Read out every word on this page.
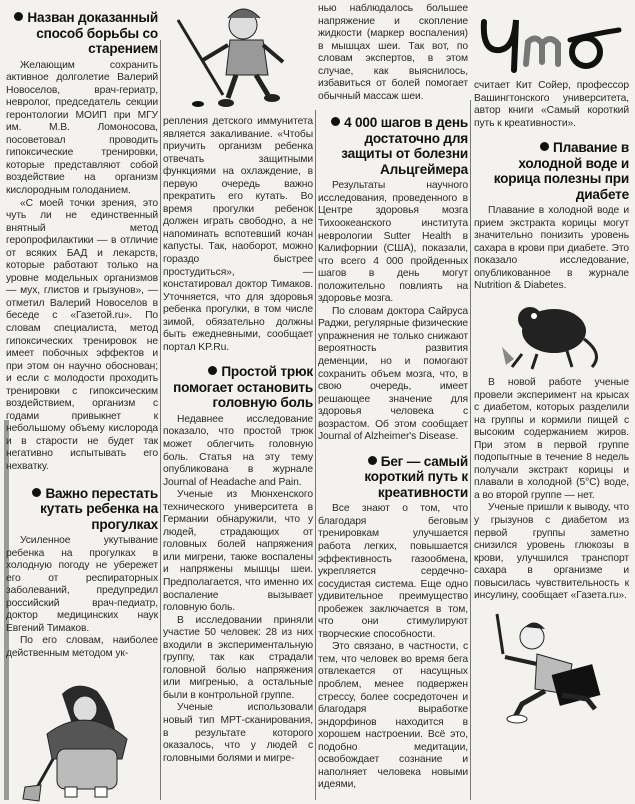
Назван доказанный способ борьбы со старением

Желающим сохранить активное долголетие Валерий Новоселов, врач-гериатр, невролог, председатель секции геронтологии МОИП при МГУ им. М.В. Ломоносова, посоветовал проводить гипоксические тренировки, которые представляют собой воздействие на организм кислородным голоданием.

«С моей точки зрения, это чуть ли не единственный внятный метод геропрофилактики — в отличие от всяких БАД и лекарств, которые работают только на уровне модельных организмов — мух, глистов и грызунов», — отметил Валерий Новоселов в беседе с «Газетой.ru». По словам специалиста, метод гипоксических тренировок не имеет побочных эффектов и при этом он научно обоснован; и если с молодости проходить тренировки с гипоксическим воздействием, организм с годами привыкнет к небольшому объему кислорода и в старости не будет так негативно испытывать его нехватку.

Важно перестать кутать ребенка на прогулках

Усиленное укутывание ребенка на прогулках в холодную погоду не убережет его от респираторных заболеваний, предупредил российский врач-педиатр, доктор медицинских наук Евгений Тимаков.

По его словам, наиболее действенным методом ук-

репления детского иммунитета является закаливание. «Чтобы приучить организм ребенка отвечать защитными функциями на охлаждение, в первую очередь важно прекратить его кутать. Во время прогулки ребенок должен играть свободно, а не напоминать вспотевший кочан капусты. Так, наоборот, можно гораздо быстрее простудиться», — констатировал доктор Тимаков. Уточняется, что для здоровья ребенка прогулки, в том числе зимой, обязательно должны быть ежедневными, сообщает портал KP.Ru.

Простой трюк помогает остановить головную боль

Недавнее исследование показало, что простой трюк может облегчить головную боль. Статья на эту тему опубликована в журнале Journal of Headache and Pain.

Ученые из Мюнхенского технического университета в Германии обнаружили, что у людей, страдающих от головных болей напряжения или мигрени, также воспалены и напряжены мышцы шеи. Предполагается, что именно их воспаление вызывает головную боль.

В исследовании приняли участие 50 человек: 28 из них входили в экспериментальную группу, так как страдали головной болью напряжения или мигренью, а остальные были в контрольной группе.

Ученые использовали новый тип МРТ-сканирования, в результате которого оказалось, что у людей с головными болями и мигре-

нью наблюдалось большее напряжение и скопление жидкости (маркер воспаления) в мышцах шеи. Так вот, по словам экспертов, в этом случае, как выяснилось, избавиться от болей помогает обычный массаж шеи.

4 000 шагов в день достаточно для защиты от болезни Альцгеймера

Результаты научного исследования, проведенного в Центре здоровья мозга Тихоокеанского института неврологии Sutter Health в Калифорнии (США), показали, что всего 4 000 пройденных шагов в день могут положительно повлиять на здоровье мозга.

По словам доктора Сайруса Раджи, регулярные физические упражнения не только снижают вероятность развития деменции, но и помогают сохранить объем мозга, что, в свою очередь, имеет решающее значение для здоровья человека с возрастом. Об этом сообщает Journal of Alzheimer's Disease.

Бег — самый короткий путь к креативности

Все знают о том, что благодаря беговым тренировкам улучшается работа легких, повышается эффективность газообмена, укрепляется сердечно-сосудистая система. Еще одно удивительное преимущество пробежек заключается в том, что они стимулируют творческие способности.

Это связано, в частности, с тем, что человек во время бега отвлекается от насущных проблем, менее подвержен стрессу, более сосредоточен и благодаря выработке эндорфинов находится в хорошем настроении. Всё это, подобно медитации, освобождает сознание и наполняет человека новыми идеями,

считает Кит Сойер, профессор Вашингтонского университета, автор книги «Самый короткий путь к креативности».

Плавание в холодной воде и корица полезны при диабете

Плавание в холодной воде и прием экстракта корицы могут значительно понизить уровень сахара в крови при диабете. Это показало исследование, опубликованное в журнале Nutrition & Diabetes.

В новой работе ученые провели эксперимент на крысах с диабетом, которых разделили на группы и кормили пищей с высоким содержанием жиров. При этом в первой группе подопытные в течение 8 недель получали экстракт корицы и плавали в холодной (5°C) воде, а во второй группе — нет.

Ученые пришли к выводу, что у грызунов с диабетом из первой группы заметно снизился уровень глюкозы в крови, улучшился транспорт сахара в организме и повысилась чувствительность к инсулину, сообщает «Газета.ru».
